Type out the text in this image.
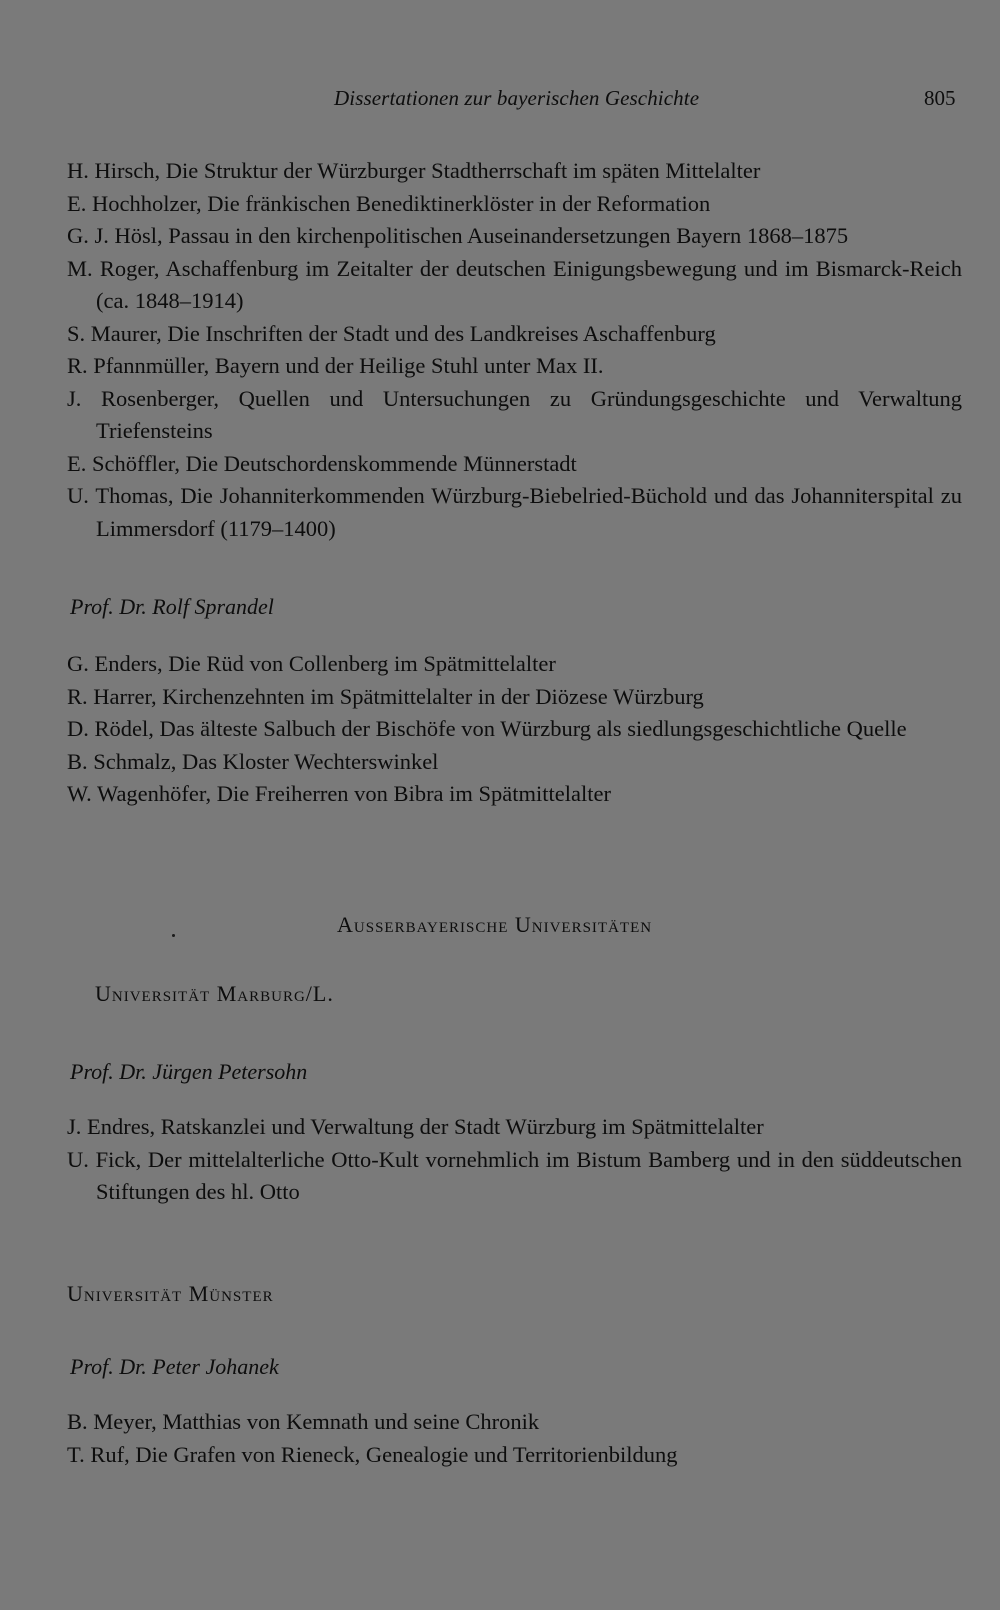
Dissertationen zur bayerischen Geschichte	805

H. Hirsch, Die Struktur der Würzburger Stadtherrschaft im späten Mittelalter

E. Hochholzer, Die fränkischen Benediktinerklöster in der Reformation

G. J. Hösl, Passau in den kirchenpolitischen Auseinandersetzungen Bayern 1868–1875

M. Roger, Aschaffenburg im Zeitalter der deutschen Einigungsbewegung und im Bismarck-Reich (ca. 1848–1914)

S. Maurer, Die Inschriften der Stadt und des Landkreises Aschaffenburg

R. Pfannmüller, Bayern und der Heilige Stuhl unter Max II.

J. Rosenberger, Quellen und Untersuchungen zu Gründungsgeschichte und Verwaltung Triefensteins

E. Schöffler, Die Deutschordenskommende Münnerstadt

U. Thomas, Die Johanniterkommenden Würzburg-Biebelried-Büchold und das Johanniterspital zu Limmersdorf (1179–1400)

Prof. Dr. Rolf Sprandel

G. Enders, Die Rüd von Collenberg im Spätmittelalter

R. Harrer, Kirchenzehnten im Spätmittelalter in der Diözese Würzburg

D. Rödel, Das älteste Salbuch der Bischöfe von Würzburg als siedlungsgeschichtliche Quelle

B. Schmalz, Das Kloster Wechterswinkel

W. Wagenhöfer, Die Freiherren von Bibra im Spätmittelalter

Ausserbayerische Universitäten
Universität Marburg/L.
Prof. Dr. Jürgen Petersohn

J. Endres, Ratskanzlei und Verwaltung der Stadt Würzburg im Spätmittelalter

U. Fick, Der mittelalterliche Otto-Kult vornehmlich im Bistum Bamberg und in den süddeutschen Stiftungen des hl. Otto

Universität Münster
Prof. Dr. Peter Johanek

B. Meyer, Matthias von Kemnath und seine Chronik

T. Ruf, Die Grafen von Rieneck, Genealogie und Territorienbildung
